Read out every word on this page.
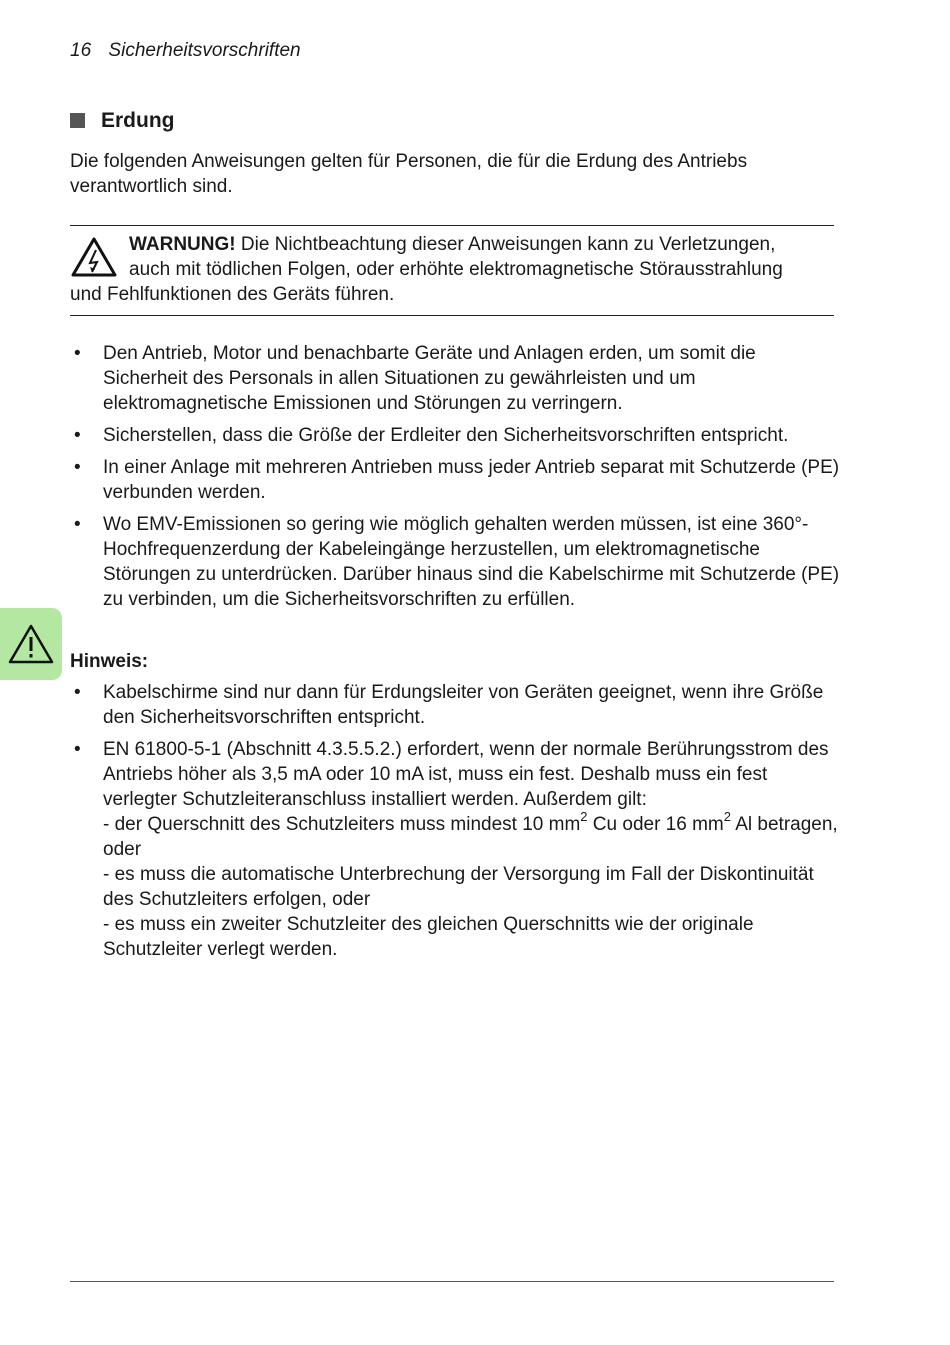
16 Sicherheitsvorschriften
Erdung
Die folgenden Anweisungen gelten für Personen, die für die Erdung des Antriebs verantwortlich sind.

WARNUNG! Die Nichtbeachtung dieser Anweisungen kann zu Verletzungen,

auch mit tödlichen Folgen, oder erhöhte elektromagnetische Störausstrahlung

und Fehlfunktionen des Geräts führen.

• Den Antrieb, Motor und benachbarte Geräte und Anlagen erden, um somit die Sicherheit des Personals in allen Situationen zu gewährleisten und um elektromagnetische Emissionen und Störungen zu verringern.
• Sicherstellen, dass die Größe der Erdleiter den Sicherheitsvorschriften entspricht.
• In einer Anlage mit mehreren Antrieben muss jeder Antrieb separat mit Schutzerde (PE) verbunden werden.
• Wo EMV-Emissionen so gering wie möglich gehalten werden müssen, ist eine 360°-Hochfrequenzerdung der Kabeleingänge herzustellen, um elektromagnetische Störungen zu unterdrücken. Darüber hinaus sind die Kabelschirme mit Schutzerde (PE) zu verbinden, um die Sicherheitsvorschriften zu erfüllen.
Hinweis:
• Kabelschirme sind nur dann für Erdungsleiter von Geräten geeignet, wenn ihre Größe den Sicherheitsvorschriften entspricht.
• EN 61800-5-1 (Abschnitt 4.3.5.5.2.) erfordert, wenn der normale Berührungsstrom des Antriebs höher als 3,5 mA oder 10 mA ist, muss ein fest. Deshalb muss ein fest verlegter Schutzleiteranschluss installiert werden. Außerdem gilt:
- der Querschnitt des Schutzleiters muss mindest 10 $mm^2$ Cu oder 16 $mm^2$ Al betragen, oder
- es muss die automatische Unterbrechung der Versorgung im Fall der Diskontinuität des Schutzleiters erfolgen, oder
- es muss ein zweiter Schutzleiter des gleichen Querschnitts wie der originale Schutzleiter verlegt werden.
